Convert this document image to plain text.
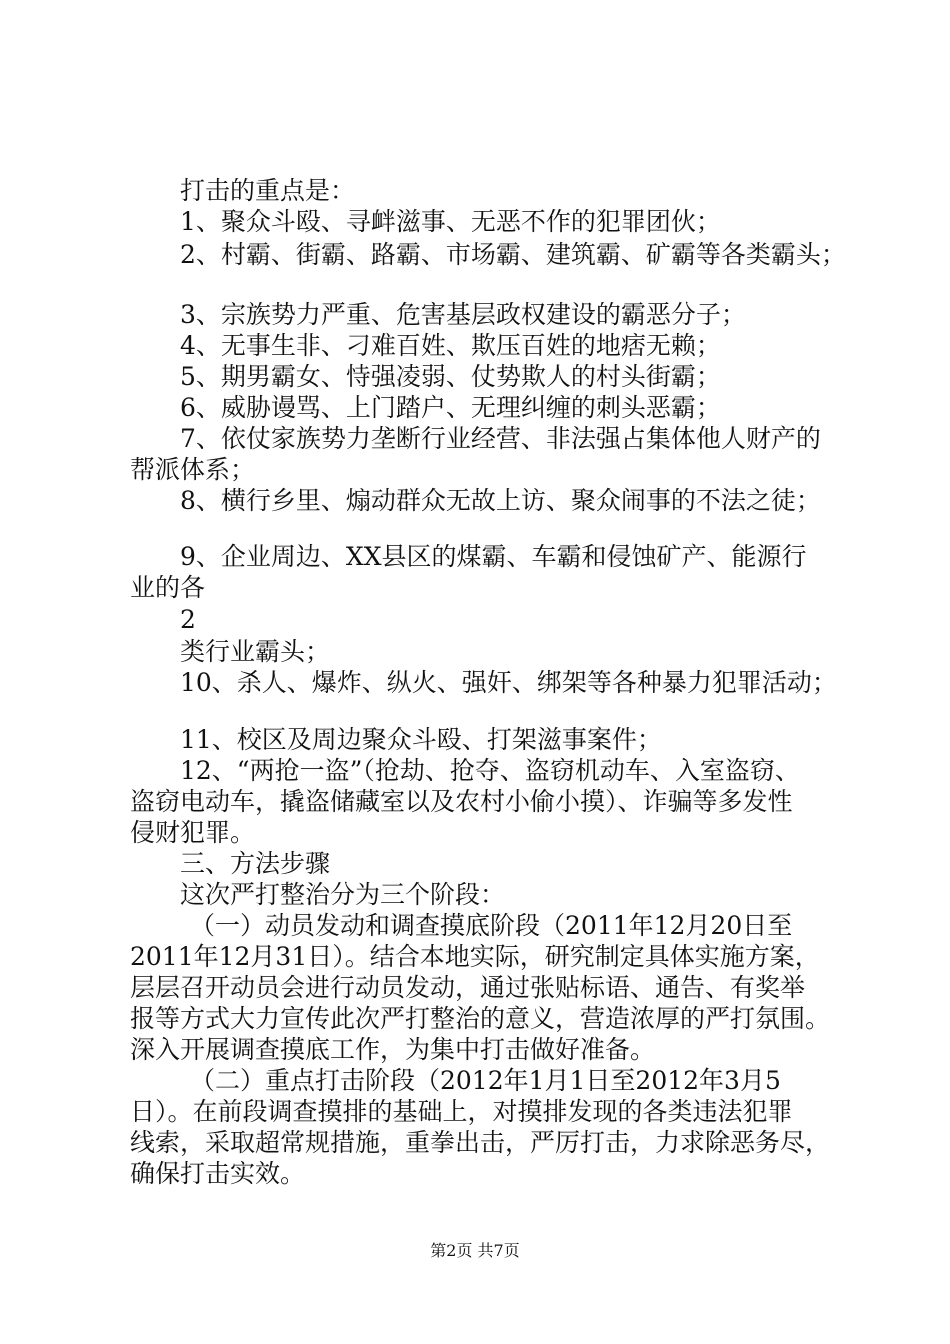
打击的重点是：
1、聚众斗殴、寻衅滋事、无恶不作的犯罪团伙；
2、村霸、街霸、路霸、市场霸、建筑霸、矿霸等各类霸头；
3、宗族势力严重、危害基层政权建设的霸恶分子；
4、无事生非、刁难百姓、欺压百姓的地痞无赖；
5、期男霸女、恃强凌弱、仗势欺人的村头街霸；
6、威胁谩骂、上门踏户、无理纠缠的刺头恶霸；
7、依仗家族势力垄断行业经营、非法强占集体他人财产的
帮派体系；
8、横行乡里、煽动群众无故上访、聚众闹事的不法之徒；
9、企业周边、XX县区的煤霸、车霸和侵蚀矿产、能源行
业的各
2
类行业霸头；
10、杀人、爆炸、纵火、强奸、绑架等各种暴力犯罪活动；
11、校区及周边聚众斗殴、打架滋事案件；
12、“两抢一盗”（抢劫、抢夺、盗窃机动车、入室盗窃、
盗窃电动车，撬盗储藏室以及农村小偷小摸）、诈骗等多发性
侵财犯罪。
三、方法步骤
这次严打整治分为三个阶段：
（一）动员发动和调查摸底阶段（2011年12月20日至
2011年12月31日）。结合本地实际，研究制定具体实施方案，
层层召开动员会进行动员发动，通过张贴标语、通告、有奖举
报等方式大力宣传此次严打整治的意义，营造浓厚的严打氛围。
深入开展调查摸底工作，为集中打击做好准备。
（二）重点打击阶段（2012年1月1日至2012年3月5
日）。在前段调查摸排的基础上，对摸排发现的各类违法犯罪
线索，采取超常规措施，重拳出击，严厉打击，力求除恶务尽，
确保打击实效。
第2页 共7页
